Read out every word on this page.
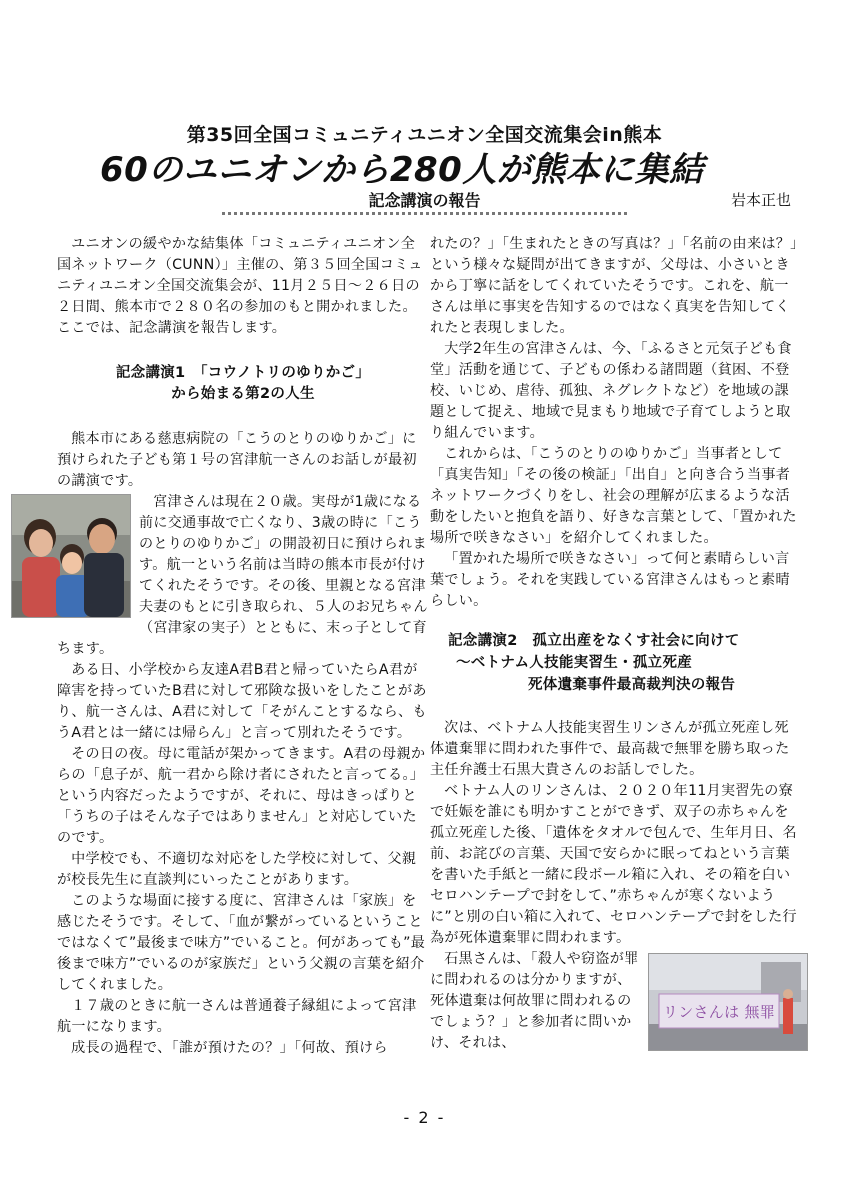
第35回全国コミュニティユニオン全国交流集会in熊本
60のユニオンから280人が熊本に集結
記念講演の報告	岩本正也

ユニオンの緩やかな結集体「コミュニティユニオン全国ネットワーク（CUNN）」主催の、第３５回全国コミュニティユニオン全国交流集会が、11月２５日～２６日の２日間、熊本市で２８０名の参加のもと開かれました。ここでは、記念講演を報告します。

記念講演1　「コウノトリのゆりかご」
から始まる第2の人生

熊本市にある慈恵病院の「こうのとりのゆりかご」に預けられた子ども第１号の宮津航一さんのお話しが最初の講演です。

宮津さんは現在２０歳。実母が1歳になる前に交通事故で亡くなり、3歳の時に「こうのとりのゆりかご」の開設初日に預けられます。航一という名前は当時の熊本市長が付けてくれたそうです。その後、里親となる宮津夫妻のもとに引き取られ、５人のお兄ちゃん（宮津家の実子）とともに、末っ子として育ちます。

ある日、小学校から友達A君B君と帰っていたらA君が障害を持っていたB君に対して邪険な扱いをしたことがあり、航一さんは、A君に対して「そがんことするなら、もうA君とは一緒には帰らん」と言って別れたそうです。

その日の夜。母に電話が架かってきます。A君の母親からの「息子が、航一君から除け者にされたと言ってる。」という内容だったようですが、それに、母はきっぱりと「うちの子はそんな子ではありません」と対応していたのです。

中学校でも、不適切な対応をした学校に対して、父親が校長先生に直談判にいったことがあります。

このような場面に接する度に、宮津さんは「家族」を感じたそうです。そして、「血が繋がっているということではなくて”最後まで味方”でいること。何があっても”最後まで味方”でいるのが家族だ」という父親の言葉を紹介してくれました。

１７歳のときに航一さんは普通養子縁組によって宮津航一になります。

成長の過程で、「誰が預けたの？」「何故、預けら

れたの？」「生まれたときの写真は？」「名前の由来は？」という様々な疑問が出てきますが、父母は、小さいときから丁寧に話をしてくれていたそうです。これを、航一さんは単に事実を告知するのではなく真実を告知してくれたと表現しました。

大学2年生の宮津さんは、今、「ふるさと元気子ども食堂」活動を通じて、子どもの係わる諸問題（貧困、不登校、いじめ、虐待、孤独、ネグレクトなど）を地域の課題として捉え、地域で見まもり地域で子育てしようと取り組んでいます。

これからは、「こうのとりのゆりかご」当事者として「真実告知」「その後の検証」「出自」と向き合う当事者ネットワークづくりをし、社会の理解が広まるような活動をしたいと抱負を語り、好きな言葉として、「置かれた場所で咲きなさい」を紹介してくれました。

「置かれた場所で咲きなさい」って何と素晴らしい言葉でしょう。それを実践している宮津さんはもっと素晴らしい。

記念講演2　孤立出産をなくす社会に向けて
～ベトナム人技能実習生・孤立死産
死体遺棄事件最高裁判決の報告

次は、ベトナム人技能実習生リンさんが孤立死産し死体遺棄罪に問われた事件で、最高裁で無罪を勝ち取った主任弁護士石黒大貴さんのお話しでした。

ベトナム人のリンさんは、２０２０年11月実習先の寮で妊娠を誰にも明かすことができず、双子の赤ちゃんを孤立死産した後、「遺体をタオルで包んで、生年月日、名前、お詫びの言葉、天国で安らかに眠ってねという言葉を書いた手紙と一緒に段ボール箱に入れ、その箱を白いセロハンテープで封をして、”赤ちゃんが寒くないように”と別の白い箱に入れて、セロハンテープで封をした行為が死体遺棄罪に問われます。

リンさんは 無罪

石黒さんは、「殺人や窃盗が罪に問われるのは分かりますが、死体遺棄は何故罪に問われるのでしょう？」と参加者に問いかけ、それは、

- 2 -
